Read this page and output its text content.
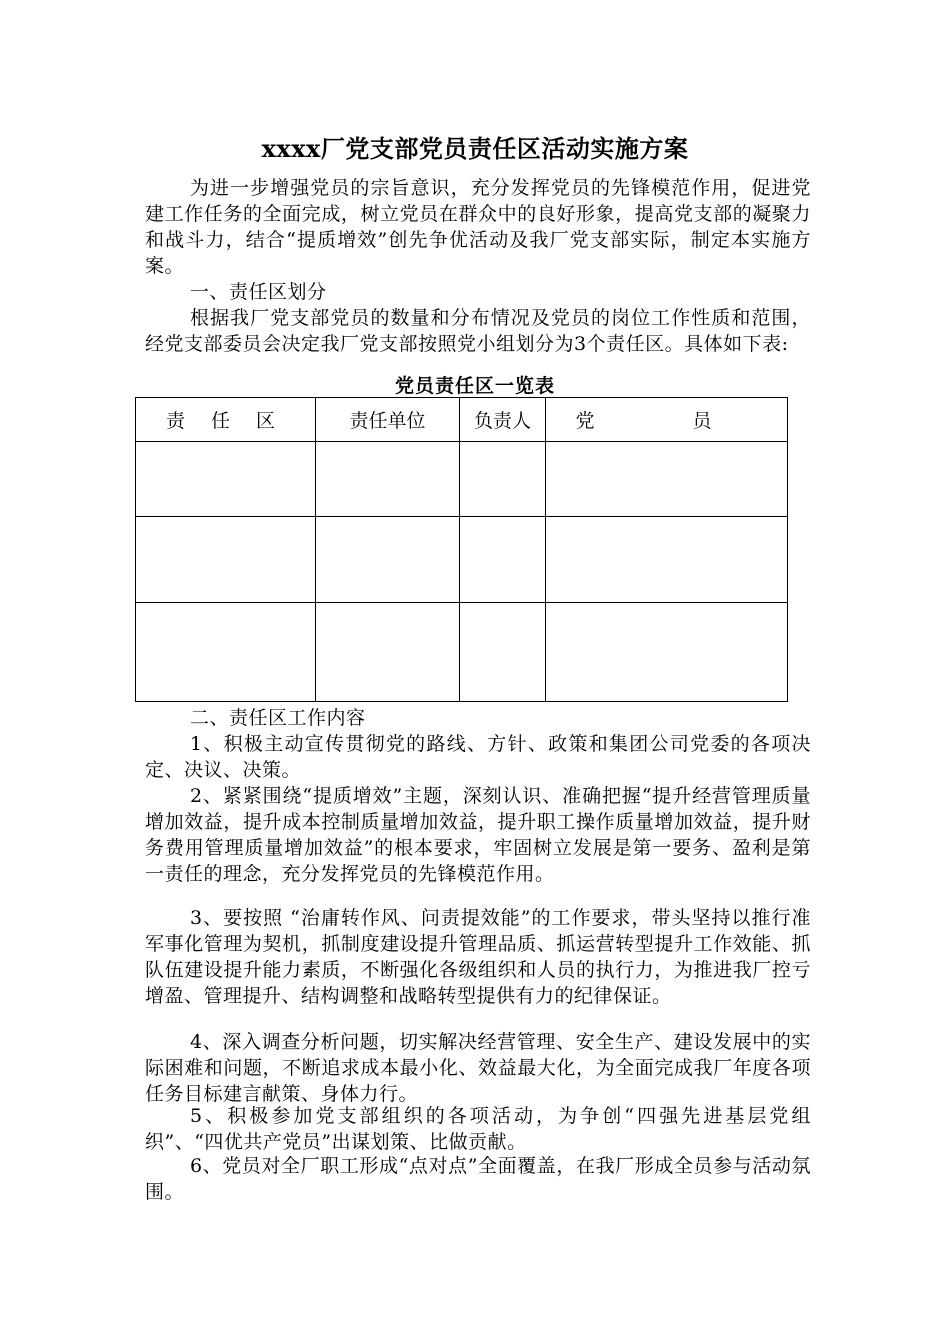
xxxx厂党支部党员责任区活动实施方案
为进一步增强党员的宗旨意识，充分发挥党员的先锋模范作用，促进党建工作任务的全面完成，树立党员在群众中的良好形象，提高党支部的凝聚力和战斗力，结合“提质增效”创先争优活动及我厂党支部实际，制定本实施方案。
一、责任区划分
根据我厂党支部党员的数量和分布情况及党员的岗位工作性质和范围，经党支部委员会决定我厂党支部按照党小组划分为3个责任区。具体如下表:
党员责任区一览表
责 任 区	责任单位	负责人	党 员

二、责任区工作内容
1、积极主动宣传贯彻党的路线、方针、政策和集团公司党委的各项决定、决议、决策。
2、紧紧围绕“提质增效”主题，深刻认识、准确把握“提升经营管理质量增加效益，提升成本控制质量增加效益，提升职工操作质量增加效益，提升财务费用管理质量增加效益”的根本要求，牢固树立发展是第一要务、盈利是第一责任的理念，充分发挥党员的先锋模范作用。
3、要按照 “治庸转作风、问责提效能”的工作要求，带头坚持以推行准军事化管理为契机，抓制度建设提升管理品质、抓运营转型提升工作效能、抓队伍建设提升能力素质，不断强化各级组织和人员的执行力，为推进我厂控亏增盈、管理提升、结构调整和战略转型提供有力的纪律保证。
4、深入调查分析问题，切实解决经营管理、安全生产、建设发展中的实际困难和问题，不断追求成本最小化、效益最大化，为全面完成我厂年度各项任务目标建言献策、身体力行。
5、积极参加党支部组织的各项活动，为争创“四强先进基层党组织”、“四优共产党员”出谋划策、比做贡献。
6、党员对全厂职工形成“点对点”全面覆盖，在我厂形成全员参与活动氛围。
